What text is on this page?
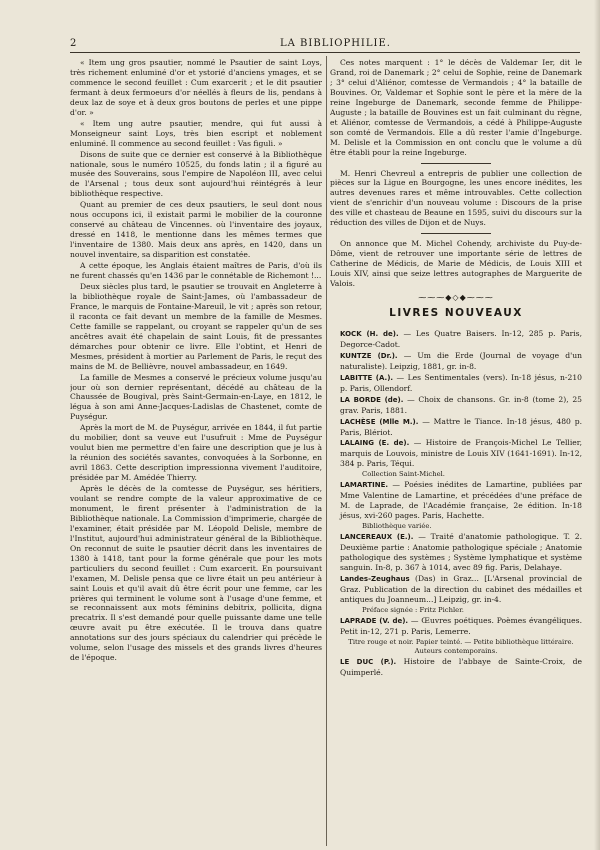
2	LA BIBLIOPHILIE.

« Item ung gros psautier, nommé le Psautier de saint Loys, très richement enluminé d'or et ystorié d'anciens ymages, et se commence le second feuillet : Cum exarcerit ; et le dit psautier fermant à deux fermoeurs d'or néellés à fleurs de lis, pendans à deux laz de soye et à deux gros boutons de perles et une pippe d'or. »

« Item ung autre psautier, mendre, qui fut aussi à Monseigneur saint Loys, très bien escript et noblement enluminé. Il commence au second feuillet : Vas figuli. »

Disons de suite que ce dernier est conservé à la Bibliothèque nationale, sous le numéro 10525, du fonds latin ; il a figuré au musée des Souverains, sous l'empire de Napoléon III, avec celui de l'Arsenal ; tous deux sont aujourd'hui réintégrés à leur bibliothèque respective.

Quant au premier de ces deux psautiers, le seul dont nous nous occupons ici, il existait parmi le mobilier de la couronne conservé au château de Vincennes. où l'inventaire des joyaux, dressé en 1418, le mentionne dans les mêmes termes que l'inventaire de 1380. Mais deux ans après, en 1420, dans un nouvel inventaire, sa disparition est constatée.

A cette époque, les Anglais étaient maîtres de Paris, d'où ils ne furent chassés qu'en 1436 par le connétable de Richemont !...

Deux siècles plus tard, le psautier se trouvait en Angleterre à la bibliothèque royale de Saint-James, où l'ambassadeur de France, le marquis de Fontaine-Mareuil, le vit ; après son retour, il raconta ce fait devant un membre de la famille de Mesmes. Cette famille se rappelant, ou croyant se rappeler qu'un de ses ancêtres avait été chapelain de saint Louis, fit de pressantes démarches pour obtenir ce livre. Elle l'obtint, et Henri de Mesmes, président à mortier au Parlement de Paris, le reçut des mains de M. de Bellièvre, nouvel ambassadeur, en 1649.

La famille de Mesmes a conservé le précieux volume jusqu'au jour où son dernier représentant, décédé au château de la Chaussée de Bougival, près Saint-Germain-en-Laye, en 1812, le légua à son ami Anne-Jacques-Ladislas de Chastenet, comte de Puységur.

Après la mort de M. de Puységur, arrivée en 1844, il fut partie du mobilier, dont sa veuve eut l'usufruit : Mme de Puységur voulut bien me permettre d'en faire une description que je lus à la réunion des sociétés savantes, convoquées à la Sorbonne, en avril 1863. Cette description impressionna vivement l'auditoire, présidée par M. Amédée Thierry.

Après le décès de la comtesse de Puységur, ses héritiers, voulant se rendre compte de la valeur approximative de ce monument, le firent présenter à l'administration de la Bibliothèque nationale. La Commission d'imprimerie, chargée de l'examiner, était présidée par M. Léopold Delisle, membre de l'Institut, aujourd'hui administrateur général de la Bibliothèque. On reconnut de suite le psautier décrit dans les inventaires de 1380 à 1418, tant pour la forme générale que pour les mots particuliers du second feuillet : Cum exarcerit. En poursuivant l'examen, M. Delisle pensa que ce livre était un peu antérieur à saint Louis et qu'il avait dû être écrit pour une femme, car les prières qui terminent le volume sont à l'usage d'une femme, et se reconnaissent aux mots féminins debitrix, pollicita, digna precatrix. Il s'est demandé pour quelle puissante dame une telle œuvre avait pu être exécutée. Il le trouva dans quatre annotations sur des jours spéciaux du calendrier qui précède le volume, selon l'usage des missels et des grands livres d'heures de l'époque.

Ces notes marquent : 1° le décès de Valdemar Ier, dit le Grand, roi de Danemark ; 2° celui de Sophie, reine de Danemark ; 3° celui d'Aliénor, comtesse de Vermandois ; 4° la bataille de Bouvines. Or, Valdemar et Sophie sont le père et la mère de la reine Ingeburge de Danemark, seconde femme de Philippe-Auguste ; la bataille de Bouvines est un fait culminant du règne, et Aliénor, comtesse de Vermandois, a cédé à Philippe-Auguste son comté de Vermandois. Elle a dû rester l'amie d'Ingeburge. M. Delisle et la Commission en ont conclu que le volume a dû être établi pour la reine Ingeburge.

M. Henri Chevreul a entrepris de publier une collection de pièces sur la Ligue en Bourgogne, les unes encore inédites, les autres devenues rares et même introuvables. Cette collection vient de s'enrichir d'un nouveau volume : Discours de la prise des ville et chasteau de Beaune en 1595, suivi du discours sur la réduction des villes de Dijon et de Nuys.

On annonce que M. Michel Cohendy, archiviste du Puy-de-Dôme, vient de retrouver une importante série de lettres de Catherine de Médicis, de Marie de Médicis, de Louis XIII et Louis XIV, ainsi que seize lettres autographes de Marguerite de Valois.

⁓⁓⁓◆◇◆⁓⁓⁓
LIVRES NOUVEAUX

KOCK (H. de). — Les Quatre Baisers. In-12, 285 p. Paris, Degorce-Cadot.

KUNTZE (Dr.). — Um die Erde (Journal de voyage d'un naturaliste). Leipzig, 1881, gr. in-8.

LABITTE (A.). — Les Sentimentales (vers). In-18 jésus, n-210 p. Paris, Ollendorf.

LA BORDE (de). — Choix de chansons. Gr. in-8 (tome 2), 25 grav. Paris, 1881.

LACHÈSE (Mlle M.). — Mattre le Tiance. In-18 jésus, 480 p. Paris, Blériot.

LALAING (E. de). — Histoire de François-Michel Le Tellier, marquis de Louvois, ministre de Louis XIV (1641-1691). In-12, 384 p. Paris, Téqui.

Collection Saint-Michel.

LAMARTINE. — Poésies inédites de Lamartine, publiées par Mme Valentine de Lamartine, et précédées d'une préface de M. de Laprade, de l'Académie française, 2e édition. In-18 jésus, xvi-260 pages. Paris, Hachette.

Bibliothèque variée.

LANCEREAUX (E.). — Traité d'anatomie pathologique. T. 2. Deuxième partie : Anatomie pathologique spéciale ; Anatomie pathologique des systèmes ; Système lymphatique et système sanguin. In-8, p. 367 à 1014, avec 89 fig. Paris, Delahaye.

Landes-Zeughaus (Das) in Graz... [L'Arsenal provincial de Graz. Publication de la direction du cabinet des médailles et antiques du Joanneum...] Leipzig, gr. in-4.

Préface signée : Fritz Pichler.

LAPRADE (V. de). — Œuvres poétiques. Poèmes évangéliques. Petit in-12, 271 p. Paris, Lemerre.

Titre rouge et noir. Papier teinté. — Petite bibliothèque littéraire. Auteurs contemporains.

LE DUC (P.). Histoire de l'abbaye de Sainte-Croix, de Quimperlé.
